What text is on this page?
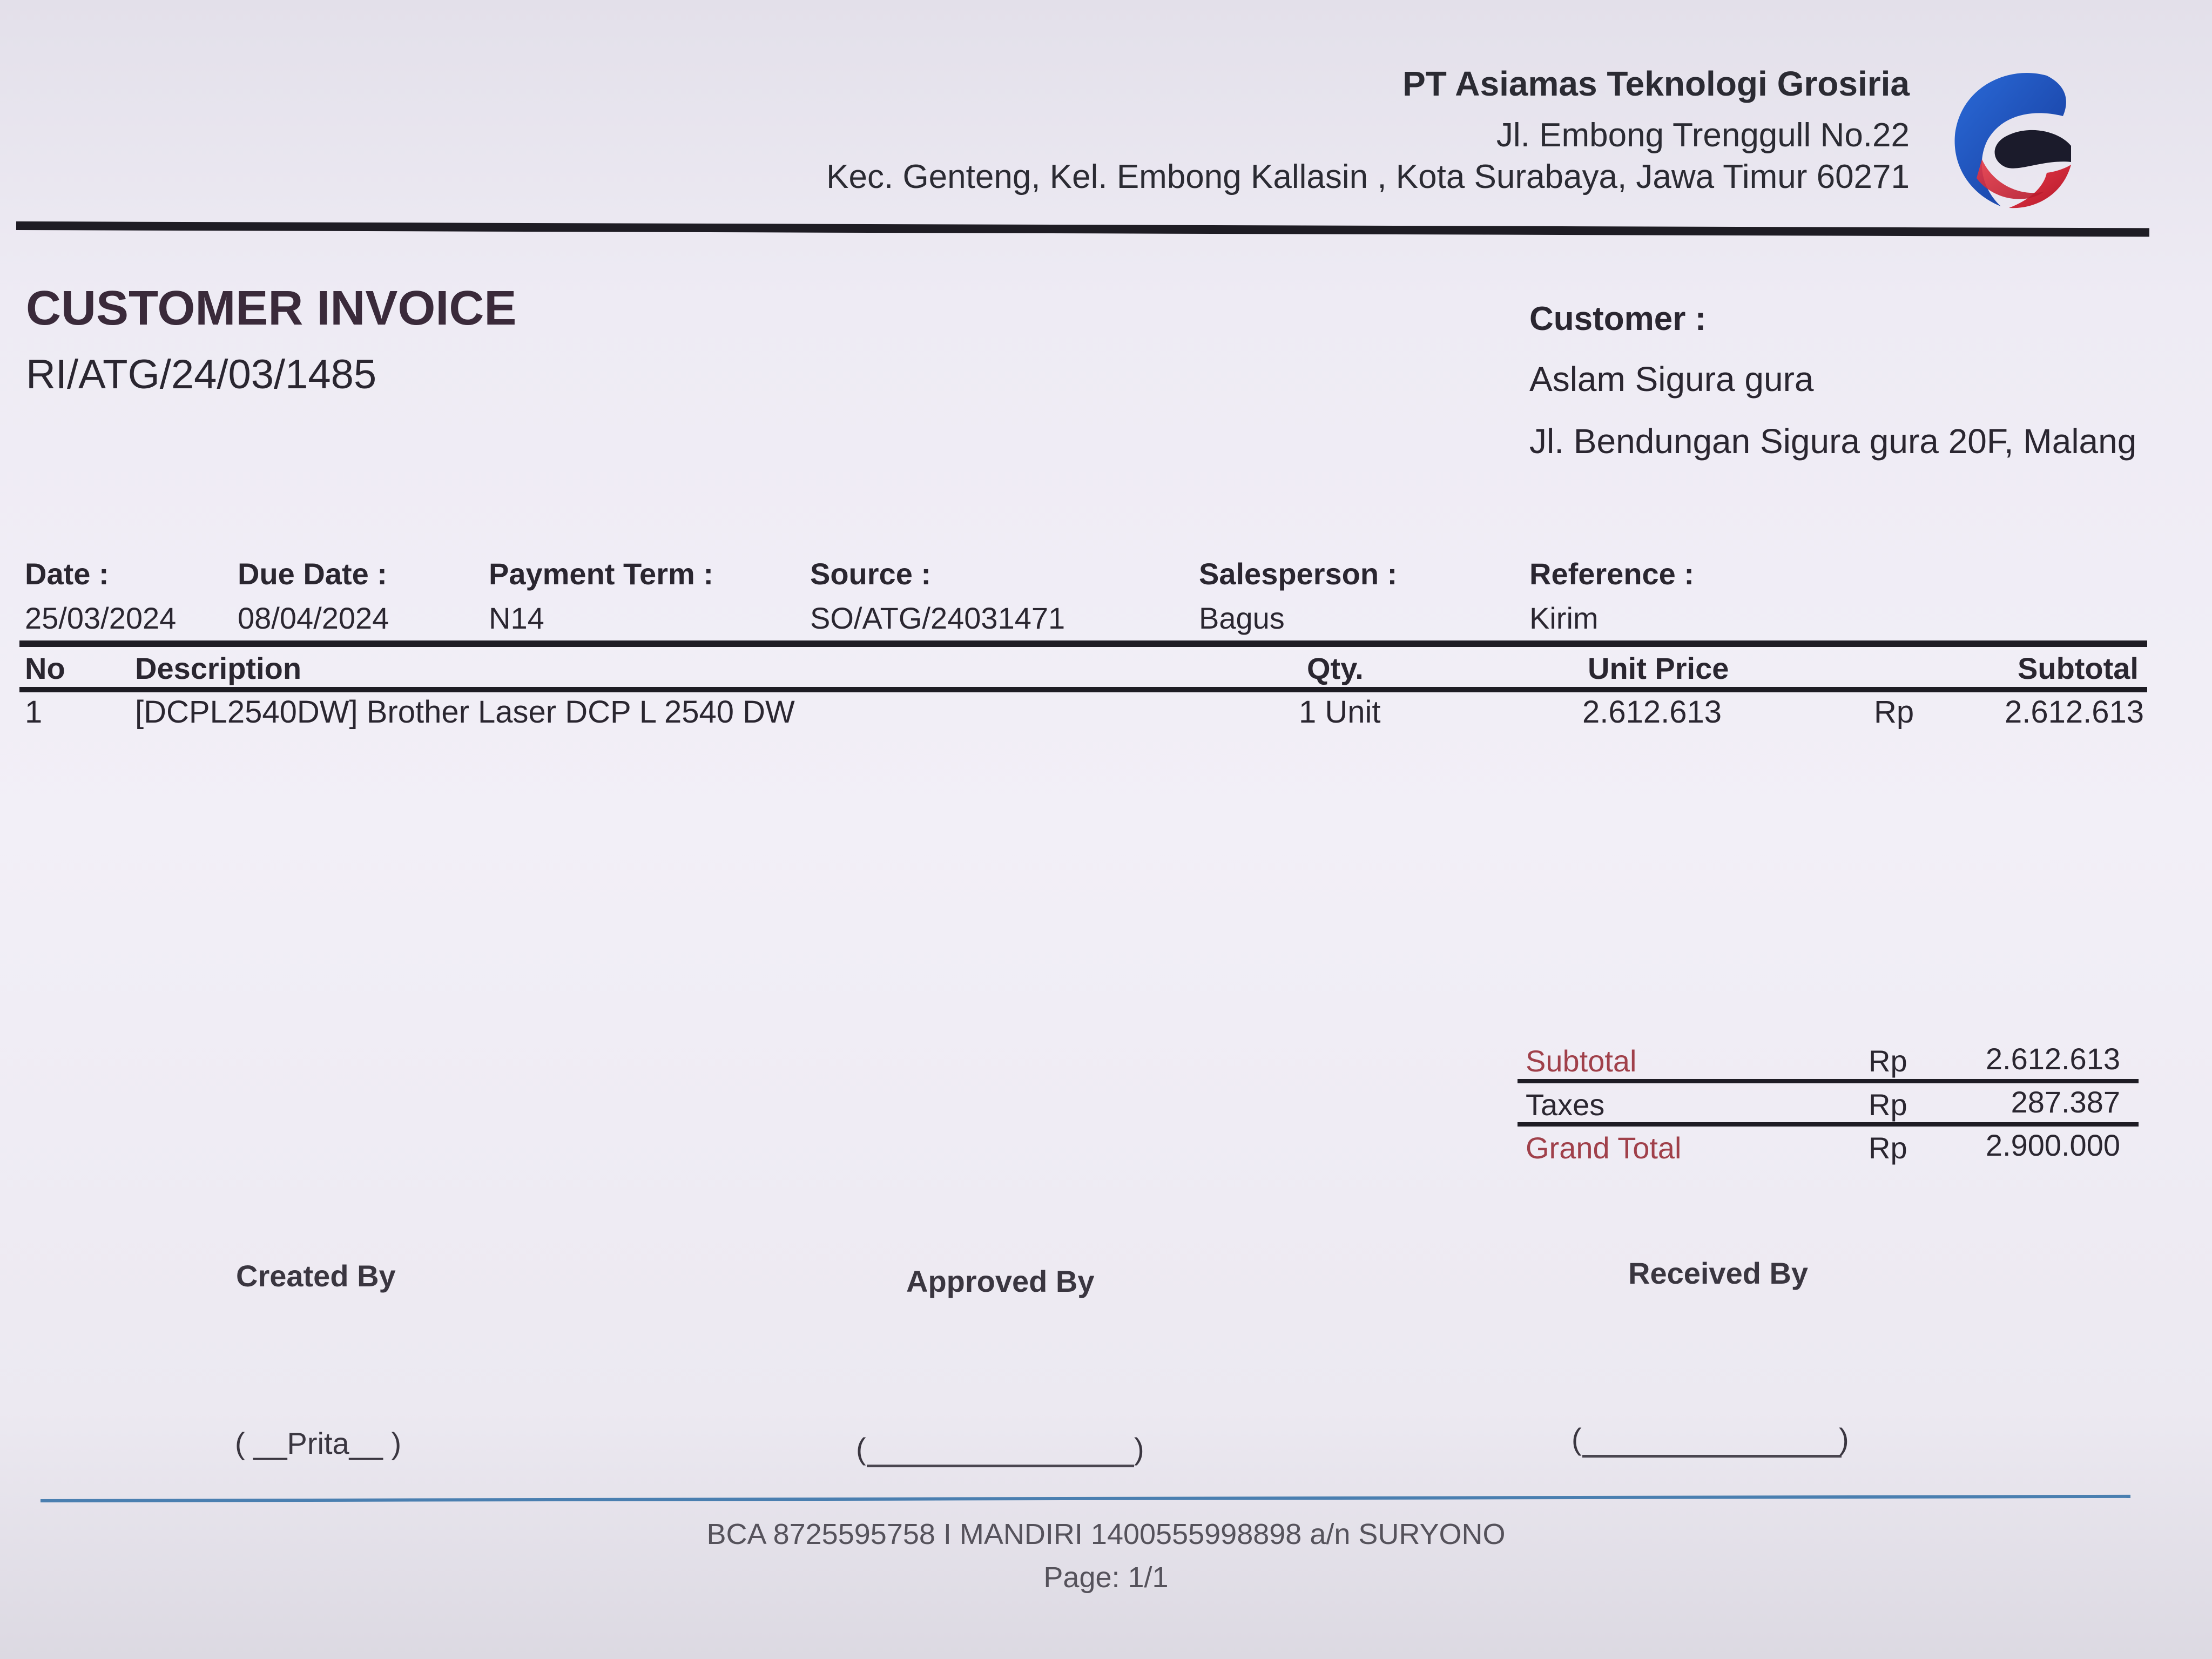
PT Asiamas Teknologi Grosiria
Jl. Embong Trenggull No.22
Kec. Genteng, Kel. Embong Kallasin , Kota Surabaya, Jawa Timur 60271
CUSTOMER INVOICE
RI/ATG/24/03/1485
Customer :
Aslam Sigura gura
Jl. Bendungan Sigura gura 20F, Malang
Date :
25/03/2024
Due Date :
08/04/2024
Payment Term :
N14
Source :
SO/ATG/24031471
Salesperson :
Bagus
Reference :
Kirim
No Description	Qty.	Unit Price	Subtotal
1	[DCPL2540DW] Brother Laser DCP L 2540 DW	1 Unit	2.612.613	Rp	2.612.613
Subtotal	Rp	2.612.613
Taxes	Rp	287.387
Grand Total	Rp	2.900.000
Created By	Approved By	Received By
( __Prita__ )	(	)	(	)
BCA 8725595758 I MANDIRI 1400555998898 a/n SURYONO
Page: 1/1
